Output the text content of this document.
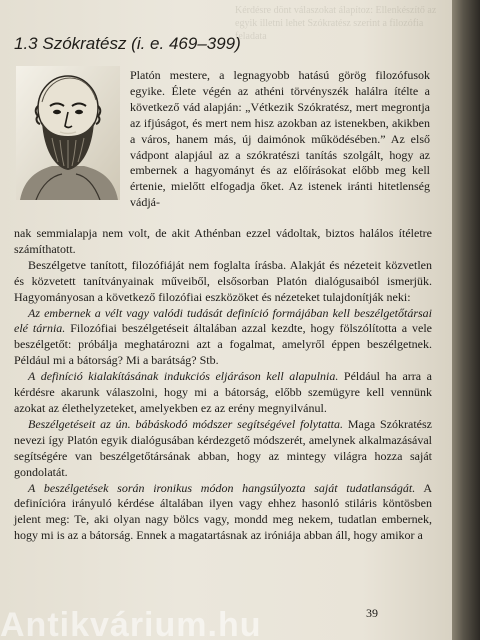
Kérdésre dönt válaszokat álapítoz: Ellenkészítő az egyik illetni lehet Szókratész szerint a filozófia feladata
1.3 Szókratész (i. e. 469–399)

Platón mestere, a legnagyobb hatású görög filozófusok egyike. Élete végén az athéni törvényszék halálra ítélte a következő vád alapján: „Vétkezik Szókratész, mert megrontja az ifjúságot, és mert nem hisz azokban az istenekben, akikben a város, hanem más, új daimónok működésében.” Az első vádpont alapjául az a szókratészi tanítás szolgált, hogy az embernek a hagyományt és az előírásokat előbb meg kell értenie, mielőtt elfogadja őket. Az istenek iránti hitetlenség vádjá-

nak semmialapja nem volt, de akit Athénban ezzel vádoltak, biztos halálos ítéletre számíthatott.

Beszélgetve tanított, filozófiáját nem foglalta írásba. Alakját és nézeteit közvetlen és közvetett tanítványainak műveiből, elsősorban Platón dialógusaiból ismerjük. Hagyományosan a következő filozófiai eszközöket és nézeteket tulajdonítják neki:

Az embernek a vélt vagy valódi tudását definíció formájában kell beszélgetőtársai elé tárnia. Filozófiai beszélgetéseit általában azzal kezdte, hogy fölszólította a vele beszélgetőt: próbálja meghatározni azt a fogalmat, amelyről éppen beszélgetnek. Például mi a bátorság? Mi a barátság? Stb.

A definíció kialakításának indukciós eljáráson kell alapulnia. Például ha arra a kérdésre akarunk válaszolni, hogy mi a bátorság, előbb szemügyre kell vennünk azokat az élethelyzeteket, amelyekben ez az erény megnyilvánul.

Beszélgetéseit az ún. bábáskodó módszer segítségével folytatta. Maga Szókratész nevezi így Platón egyik dialógusában kérdezgető módszerét, amelynek alkalmazásával segítségére van beszélgetőtársának abban, hogy az mintegy világra hozza saját gondolatát.

A beszélgetések során ironikus módon hangsúlyozta saját tudatlanságát. A definícióra irányuló kérdése általában ilyen vagy ehhez hasonló stiláris köntösben jelent meg: Te, aki olyan nagy bölcs vagy, mondd meg nekem, tudatlan embernek, hogy mi is az a bátorság. Ennek a magatartásnak az iróniája abban áll, hogy amikor a

39
Antikvárium.hu
